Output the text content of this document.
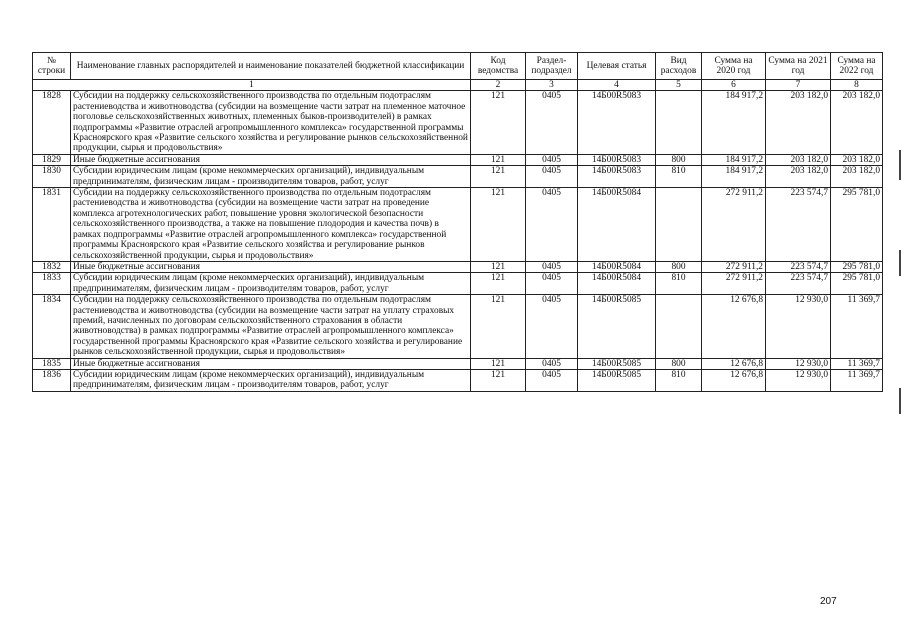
№ строки	Наименование главных распорядителей и наименование показателей бюджетной классификации	Код ведомства	Раздел-подраздел	Целевая статья	Вид расходов	Сумма на 2020 год	Сумма на 2021 год	Сумма на 2022 год
1		2	3	4	5	6	7	8
1828	Субсидии на поддержку сельскохозяйственного производства по отдельным подотраслям растениеводства и животноводства (субсидии на возмещение части затрат на племенное маточное поголовье сельскохозяйственных животных, племенных быков-производителей) в рамках подпрограммы «Развитие отраслей агропромышленного комплекса» государственной программы Красноярского края «Развитие сельского хозяйства и регулирование рынков сельскохозяйственной продукции, сырья и продовольствия»	121	0405	14Б00R5083		184 917,2	203 182,0	203 182,0
1829	Иные бюджетные ассигнования	121	0405	14Б00R5083	800	184 917,2	203 182,0	203 182,0
1830	Субсидии юридическим лицам (кроме некоммерческих организаций), индивидуальным предпринимателям, физическим лицам - производителям товаров, работ, услуг	121	0405	14Б00R5083	810	184 917,2	203 182,0	203 182,0
1831	Субсидии на поддержку сельскохозяйственного производства по отдельным подотраслям растениеводства и животноводства (субсидии на возмещение части затрат на проведение комплекса агротехнологических работ, повышение уровня экологической безопасности сельскохозяйственного производства, а также на повышение плодородия и качества почв) в рамках подпрограммы «Развитие отраслей агропромышленного комплекса» государственной программы Красноярского края «Развитие сельского хозяйства и регулирование рынков сельскохозяйственной продукции, сырья и продовольствия»	121	0405	14Б00R5084		272 911,2	223 574,7	295 781,0
1832	Иные бюджетные ассигнования	121	0405	14Б00R5084	800	272 911,2	223 574,7	295 781,0
1833	Субсидии юридическим лицам (кроме некоммерческих организаций), индивидуальным предпринимателям, физическим лицам - производителям товаров, работ, услуг	121	0405	14Б00R5084	810	272 911,2	223 574,7	295 781,0
1834	Субсидии на поддержку сельскохозяйственного производства по отдельным подотраслям растениеводства и животноводства (субсидии на возмещение части затрат на уплату страховых премий, начисленных по договорам сельскохозяйственного страхования в области животноводства) в рамках подпрограммы «Развитие отраслей агропромышленного комплекса» государственной программы Красноярского края «Развитие сельского хозяйства и регулирование рынков сельскохозяйственной продукции, сырья и продовольствия»	121	0405	14Б00R5085		12 676,8	12 930,0	11 369,7
1835	Иные бюджетные ассигнования	121	0405	14Б00R5085	800	12 676,8	12 930,0	11 369,7
1836	Субсидии юридическим лицам (кроме некоммерческих организаций), индивидуальным предпринимателям, физическим лицам - производителям товаров, работ, услуг	121	0405	14Б00R5085	810	12 676,8	12 930,0	11 369,7
207
